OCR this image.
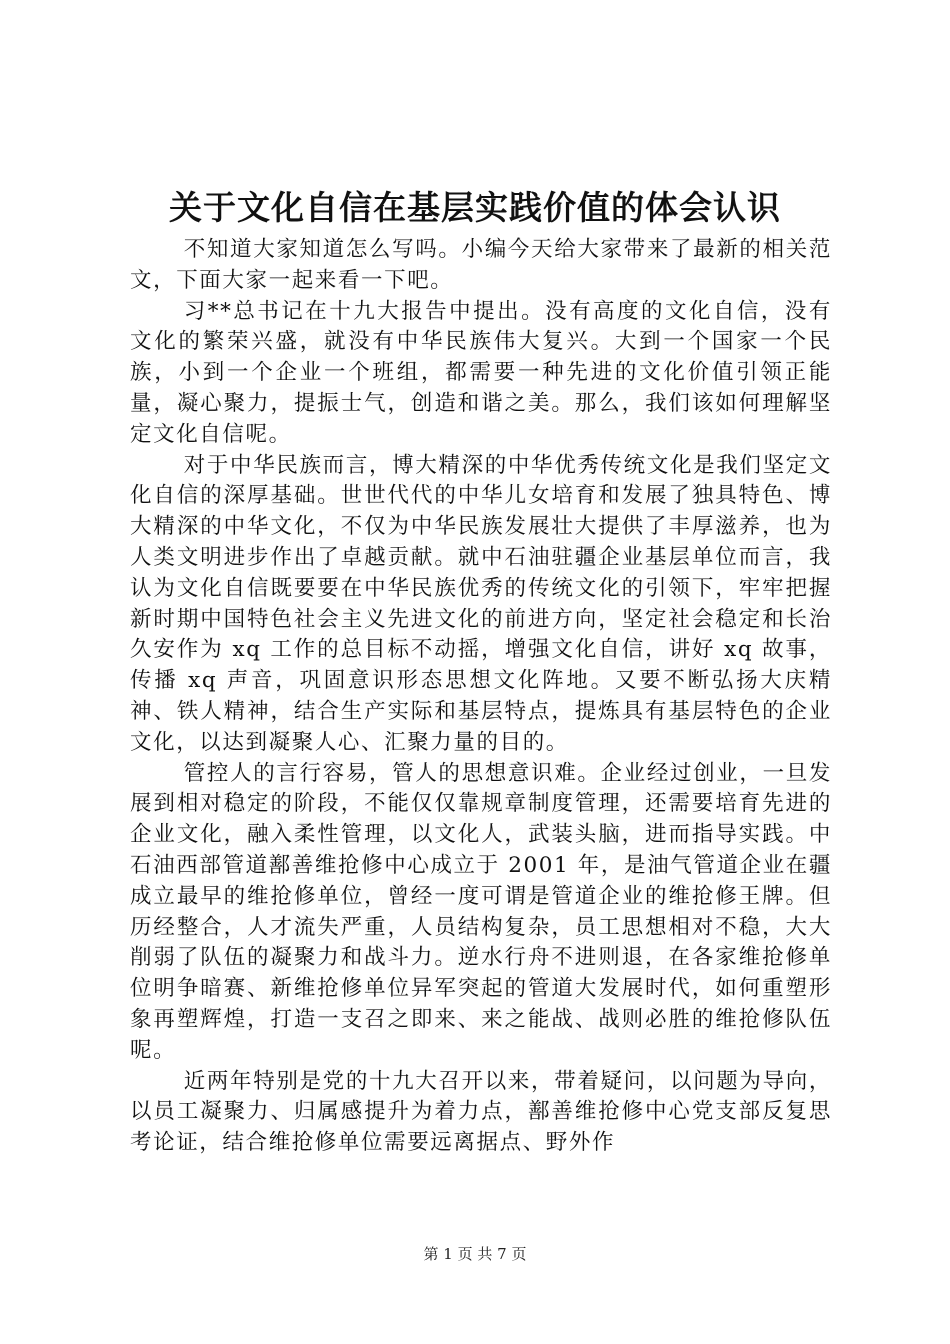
关于文化自信在基层实践价值的体会认识

不知道大家知道怎么写吗。小编今天给大家带来了最新的相关范文，下面大家一起来看一下吧。

习**总书记在十九大报告中提出。没有高度的文化自信，没有文化的繁荣兴盛，就没有中华民族伟大复兴。大到一个国家一个民族，小到一个企业一个班组，都需要一种先进的文化价值引领正能量，凝心聚力，提振士气，创造和谐之美。那么，我们该如何理解坚定文化自信呢。

对于中华民族而言，博大精深的中华优秀传统文化是我们坚定文化自信的深厚基础。世世代代的中华儿女培育和发展了独具特色、博大精深的中华文化，不仅为中华民族发展壮大提供了丰厚滋养，也为人类文明进步作出了卓越贡献。就中石油驻疆企业基层单位而言，我认为文化自信既要要在中华民族优秀的传统文化的引领下，牢牢把握新时期中国特色社会主义先进文化的前进方向，坚定社会稳定和长治久安作为 xq 工作的总目标不动摇，增强文化自信，讲好 xq 故事，传播 xq 声音，巩固意识形态思想文化阵地。又要不断弘扬大庆精神、铁人精神，结合生产实际和基层特点，提炼具有基层特色的企业文化，以达到凝聚人心、汇聚力量的目的。

管控人的言行容易，管人的思想意识难。企业经过创业，一旦发展到相对稳定的阶段，不能仅仅靠规章制度管理，还需要培育先进的企业文化，融入柔性管理，以文化人，武装头脑，进而指导实践。中石油西部管道鄯善维抢修中心成立于 2001 年，是油气管道企业在疆成立最早的维抢修单位，曾经一度可谓是管道企业的维抢修王牌。但历经整合，人才流失严重，人员结构复杂，员工思想相对不稳，大大削弱了队伍的凝聚力和战斗力。逆水行舟不进则退，在各家维抢修单位明争暗赛、新维抢修单位异军突起的管道大发展时代，如何重塑形象再塑辉煌，打造一支召之即来、来之能战、战则必胜的维抢修队伍呢。

近两年特别是党的十九大召开以来，带着疑问，以问题为导向，以员工凝聚力、归属感提升为着力点，鄯善维抢修中心党支部反复思考论证，结合维抢修单位需要远离据点、野外作

第 1 页 共 7 页
